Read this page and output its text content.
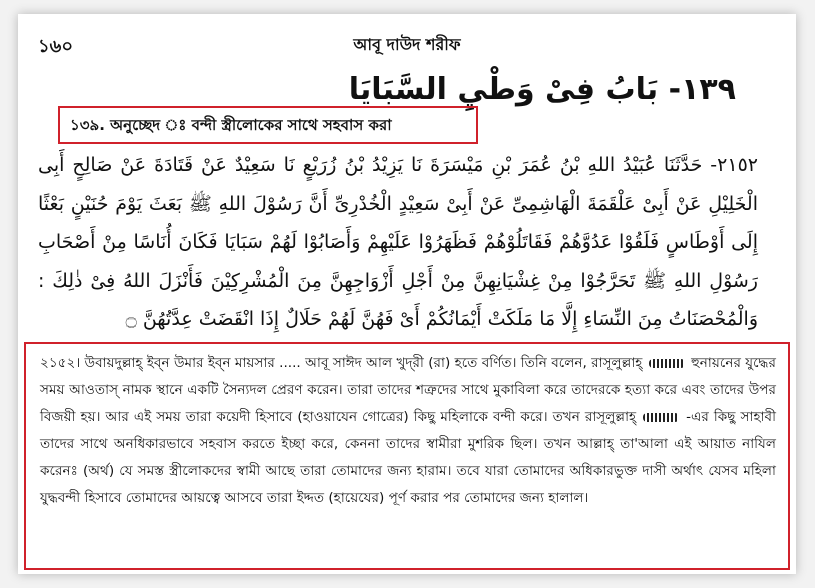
১৬০	আবূ দাউদ শরীফ
١٣٩- بَابُ فِىْ وَطْيِ السَّبَايَا
১৩৯. অনুচ্ছেদ ঃ বন্দী স্ত্রীলোকের সাথে সহবাস করা
٢١٥٢- حَدَّثَنَا عُبَيْدُ اللهِ بْنُ عُمَرَ بْنِ مَيْسَرَةَ نَا يَزِيْدُ بْنُ زُرَيْعٍ نَا سَعِيْدٌ عَنْ قَتَادَةَ عَنْ صَالِحٍ أَبِى الْخَلِيْلِ عَنْ أَبِىْ عَلْقَمَةَ الْهَاشِمِىِّ عَنْ أَبِىْ سَعِيْدٍ الْخُدْرِىِّ أَنَّ رَسُوْلَ اللهِ ﷺ بَعَثَ يَوْمَ حُنَيْنٍ بَعْثًا إِلَى أَوْطَاسٍ فَلَقُوْا عَدُوَّهُمْ فَقَاتَلُوْهُمْ فَظَهَرُوْا عَلَيْهِمْ وَأَصَابُوْا لَهُمْ سَبَايَا فَكَانَ أُنَاسًا مِنْ أَصْحَابِ رَسُوْلِ اللهِ ﷺ تَحَرَّجُوْا مِنْ غِشْيَانِهِنَّ مِنْ أَجْلِ أَزْوَاجِهِنَّ مِنَ الْمُشْرِكِيْنَ فَأَنْزَلَ اللهُ فِىْ ذٰلِكَ : وَالْمُحْصَنَاتُ مِنَ النِّسَاءِ إِلَّا مَا مَلَكَتْ أَيْمَانُكُمْ أَىْ فَهُنَّ لَهُمْ حَلَالٌ إِذَا انْقَضَتْ عِدَّتُهُنَّ ۝
২১৫২। উবায়দুল্লাহ্ ইব্‌ন উমার ইব্‌ন মায়সার ..... আবূ সাঈদ আল খুদ্‌রী (রা) হতে বর্ণিত। তিনি বলেন, রাসূলুল্লাহ্	হুনায়নের যুদ্ধের সময় আওতাস্ নামক স্থানে একটি সৈন্যদল প্রেরণ করেন। তারা তাদের শত্রুদের সাথে মুকাবিলা করে তাদেরকে হত্যা করে এবং তাদের উপর বিজয়ী হয়। আর এই সময় তারা কয়েদী হিসাবে (হাওয়াযেন গোত্রের) কিছু মহিলাকে বন্দী করে। তখন রাসূলুল্লাহ্	-এর কিছু সাহাবী তাদের সাথে অনধিকারভাবে সহবাস করতে ইচ্ছা করে, কেননা তাদের স্বামীরা মুশরিক ছিল। তখন আল্লাহ্ তা'আলা এই আয়াত নাযিল করেনঃ (অর্থ) যে সমস্ত স্ত্রীলোকদের স্বামী আছে তারা তোমাদের জন্য হারাম। তবে যারা তোমাদের অধিকারভুক্ত দাসী অর্থাৎ যেসব মহিলা যুদ্ধবন্দী হিসাবে তোমাদের আয়ত্বে আসবে তারা ইদ্দত (হায়েযের) পূর্ণ করার পর তোমাদের জন্য হালাল।
